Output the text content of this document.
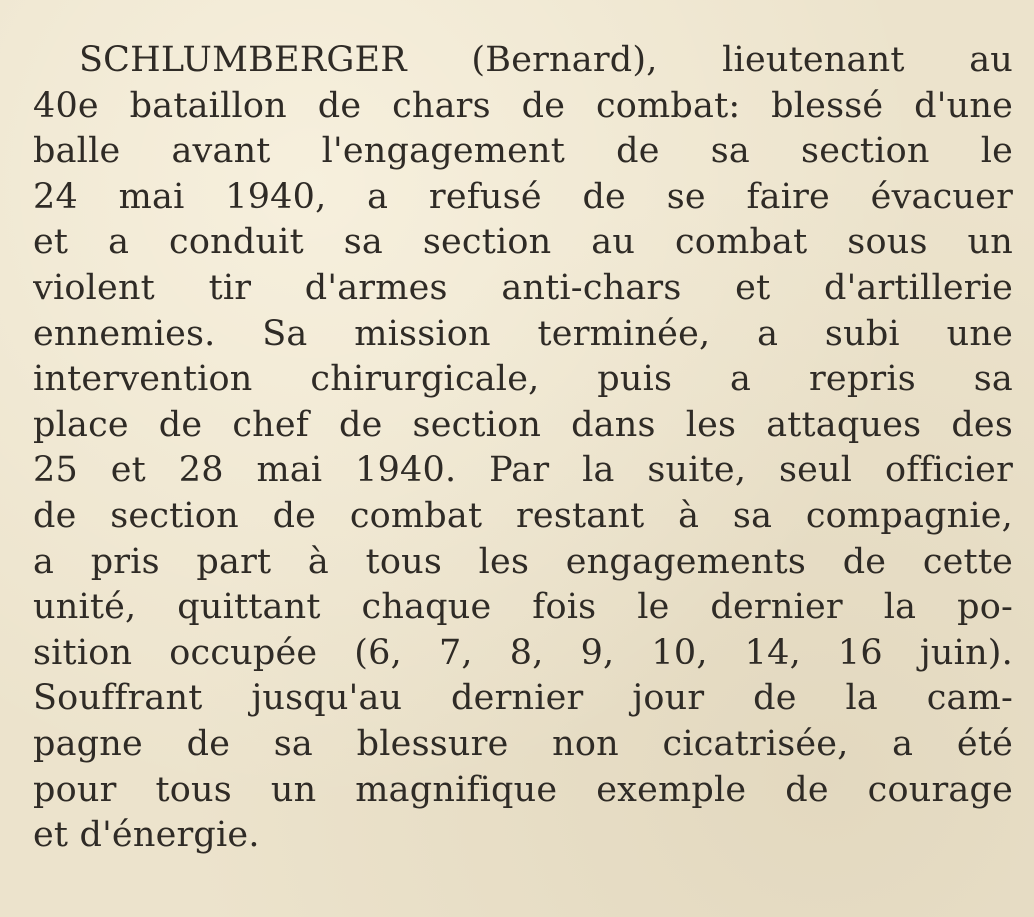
SCHLUMBERGER (Bernard), lieutenant au
40e bataillon de chars de combat: blessé d'une
balle avant l'engagement de sa section le
24 mai 1940, a refusé de se faire évacuer
et a conduit sa section au combat sous un
violent tir d'armes anti-chars et d'artillerie
ennemies. Sa mission terminée, a subi une
intervention chirurgicale, puis a repris sa
place de chef de section dans les attaques des
25 et 28 mai 1940. Par la suite, seul officier
de section de combat restant à sa compagnie,
a pris part à tous les engagements de cette
unité, quittant chaque fois le dernier la po-
sition occupée (6, 7, 8, 9, 10, 14, 16 juin).
Souffrant jusqu'au dernier jour de la cam-
pagne de sa blessure non cicatrisée, a été
pour tous un magnifique exemple de courage
et d'énergie.
